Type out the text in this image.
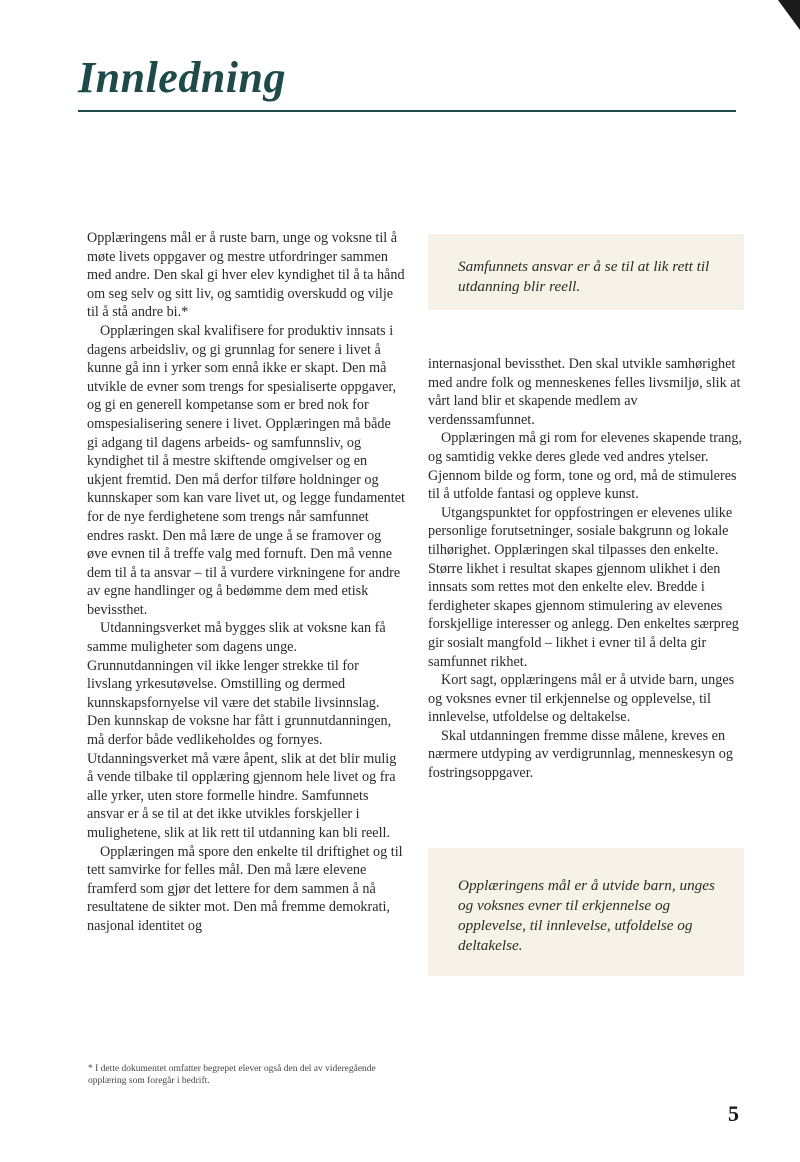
Innledning
Samfunnets ansvar er å se til at lik rett til utdanning blir reell.

Opplæringens mål er å ruste barn, unge og voksne til å møte livets oppgaver og mestre utfordringer sammen med andre. Den skal gi hver elev kyndighet til å ta hånd om seg selv og sitt liv, og samtidig overskudd og vilje til å stå andre bi.*

Opplæringen skal kvalifisere for produktiv innsats i dagens arbeidsliv, og gi grunnlag for senere i livet å kunne gå inn i yrker som ennå ikke er skapt. Den må utvikle de evner som trengs for spesialiserte oppgaver, og gi en generell kompetanse som er bred nok for omspesialisering senere i livet. Opplæringen må både gi adgang til dagens arbeids- og samfunnsliv, og kyndighet til å mestre skiftende omgivelser og en ukjent fremtid. Den må derfor tilføre holdninger og kunnskaper som kan vare livet ut, og legge fundamentet for de nye ferdighetene som trengs når samfunnet endres raskt. Den må lære de unge å se framover og øve evnen til å treffe valg med fornuft. Den må venne dem til å ta ansvar – til å vurdere virkningene for andre av egne handlinger og å bedømme dem med etisk bevissthet.

Utdanningsverket må bygges slik at voksne kan få samme muligheter som dagens unge. Grunnutdanningen vil ikke lenger strekke til for livslang yrkesutøvelse. Omstilling og dermed kunnskapsfornyelse vil være det stabile livsinnslag. Den kunnskap de voksne har fått i grunnutdanningen, må derfor både vedlikeholdes og fornyes. Utdanningsverket må være åpent, slik at det blir mulig å vende tilbake til opplæring gjennom hele livet og fra alle yrker, uten store formelle hindre. Samfunnets ansvar er å se til at det ikke utvikles forskjeller i mulighetene, slik at lik rett til utdanning kan bli reell.

Opplæringen må spore den enkelte til driftighet og til tett samvirke for felles mål. Den må lære elevene framferd som gjør det lettere for dem sammen å nå resultatene de sikter mot. Den må fremme demokrati, nasjonal identitet og

internasjonal bevissthet. Den skal utvikle samhørighet med andre folk og menneskenes felles livsmiljø, slik at vårt land blir et skapende medlem av verdenssamfunnet.

Opplæringen må gi rom for elevenes skapende trang, og samtidig vekke deres glede ved andres ytelser. Gjennom bilde og form, tone og ord, må de stimuleres til å utfolde fantasi og oppleve kunst.

Utgangspunktet for oppfostringen er elevenes ulike personlige forutsetninger, sosiale bakgrunn og lokale tilhørighet. Opplæringen skal tilpasses den enkelte. Større likhet i resultat skapes gjennom ulikhet i den innsats som rettes mot den enkelte elev. Bredde i ferdigheter skapes gjennom stimulering av elevenes forskjellige interesser og anlegg. Den enkeltes særpreg gir sosialt mangfold – likhet i evner til å delta gir samfunnet rikhet.

Kort sagt, opplæringens mål er å utvide barn, unges og voksnes evner til erkjennelse og opplevelse, til innlevelse, utfoldelse og deltakelse.

Skal utdanningen fremme disse målene, kreves en nærmere utdyping av verdigrunnlag, menneskesyn og fostringsoppgaver.

Opplæringens mål er å utvide barn, unges og voksnes evner til erkjennelse og opplevelse, til innlevelse, utfoldelse og deltakelse.
* I dette dokumentet omfatter begrepet elever også den del av videregående opplæring som foregår i bedrift.
5
